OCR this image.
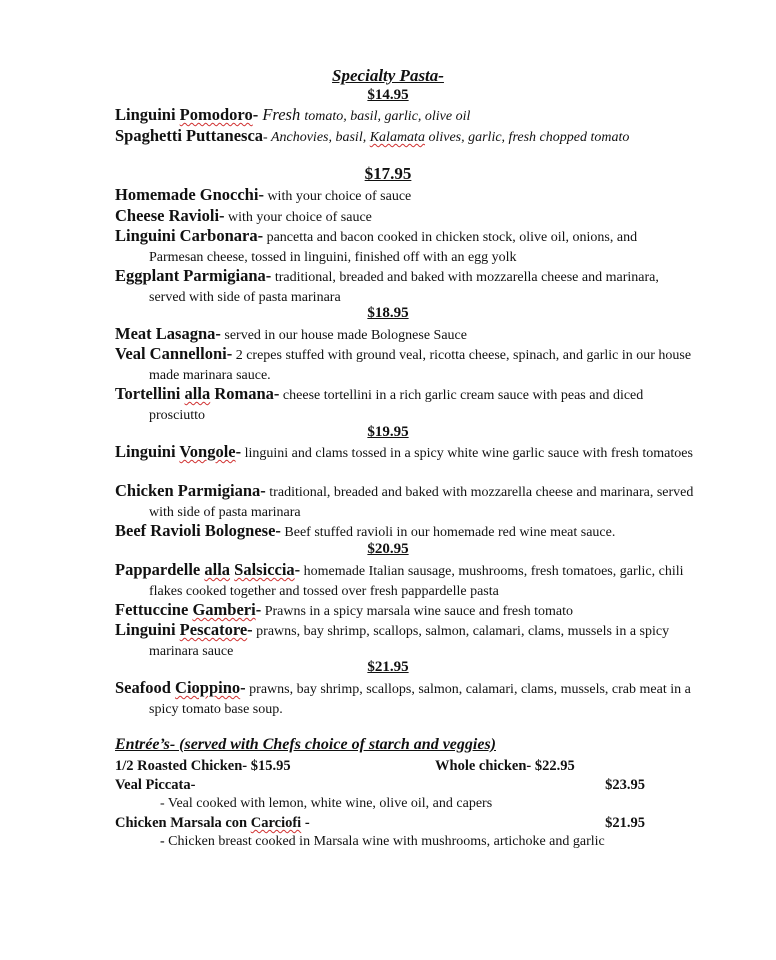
Specialty Pasta-
$14.95
Linguini Pomodoro- Fresh tomato, basil, garlic, olive oil
Spaghetti Puttanesca- Anchovies, basil, Kalamata olives, garlic, fresh chopped tomato
$17.95
Homemade Gnocchi- with your choice of sauce
Cheese Ravioli- with your choice of sauce
Linguini Carbonara- pancetta and bacon cooked in chicken stock, olive oil, onions, and Parmesan cheese, tossed in linguini, finished off with an egg yolk
Eggplant Parmigiana- traditional, breaded and baked with mozzarella cheese and marinara, served with side of pasta marinara
$18.95
Meat Lasagna- served in our house made Bolognese Sauce
Veal Cannelloni- 2 crepes stuffed with ground veal, ricotta cheese, spinach, and garlic in our house made marinara sauce.
Tortellini alla Romana- cheese tortellini in a rich garlic cream sauce with peas and diced prosciutto
$19.95
Linguini Vongole- linguini and clams tossed in a spicy white wine garlic sauce with fresh tomatoes
Chicken Parmigiana- traditional, breaded and baked with mozzarella cheese and marinara, served with side of pasta marinara
Beef Ravioli Bolognese- Beef stuffed ravioli in our homemade red wine meat sauce.
$20.95
Pappardelle alla Salsiccia- homemade Italian sausage, mushrooms, fresh tomatoes, garlic, chili flakes cooked together and tossed over fresh pappardelle pasta
Fettuccine Gamberi- Prawns in a spicy marsala wine sauce and fresh tomato
Linguini Pescatore- prawns, bay shrimp, scallops, salmon, calamari, clams, mussels in a spicy marinara sauce
$21.95
Seafood Cioppino- prawns, bay shrimp, scallops, salmon, calamari, clams, mussels, crab meat in a spicy tomato base soup.
Entrée’s- (served with Chefs choice of starch and veggies)
1/2 Roasted Chicken- $15.95	Whole chicken- $22.95
Veal Piccata-	$23.95
- Veal cooked with lemon, white wine, olive oil, and capers
Chicken Marsala con Carciofi -	$21.95
- Chicken breast cooked in Marsala wine with mushrooms, artichoke and garlic
